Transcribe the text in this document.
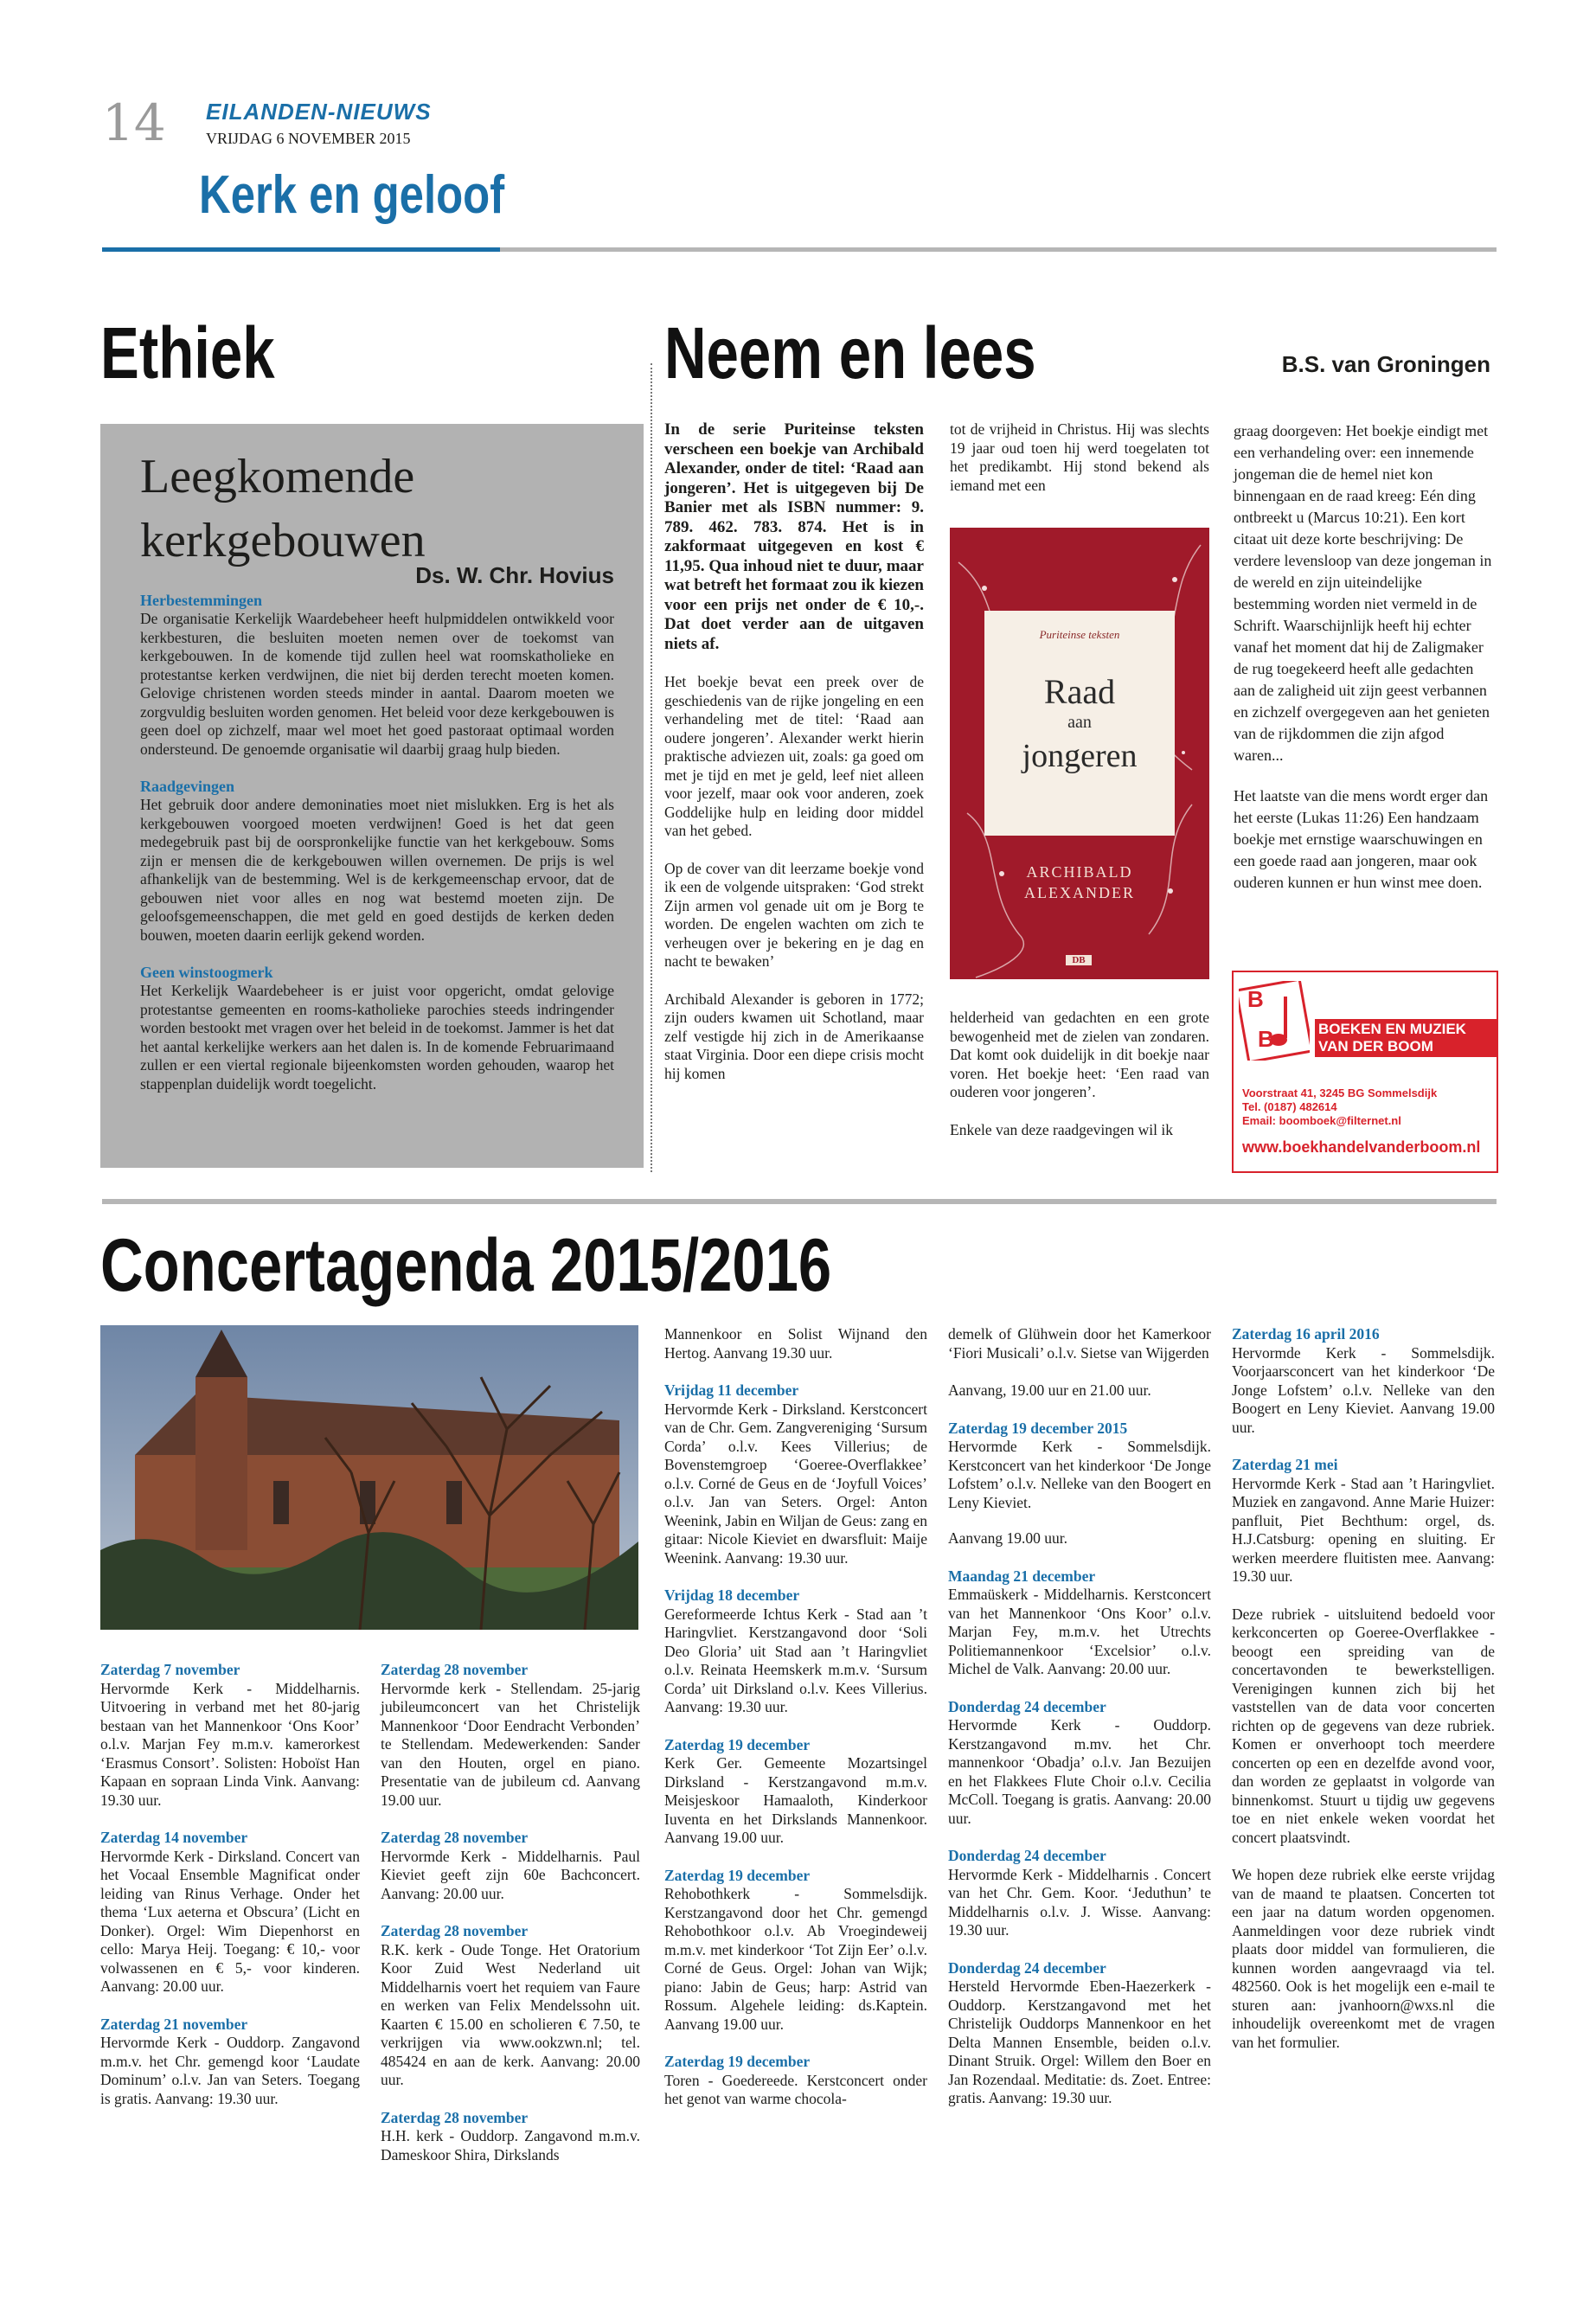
14 EILANDEN-NIEUWS
VRIJDAG 6 NOVEMBER 2015
Kerk en geloof
Ethiek
Leegkomende
kerkgebouwen
Ds. W. Chr. Hovius
Herbestemmingen

De organisatie Kerkelijk Waardebeheer heeft hulpmiddelen ontwikkeld voor kerkbesturen, die besluiten moeten nemen over de toekomst van kerkgebouwen. In de komende tijd zullen heel wat roomskatholieke en protestantse kerken verdwijnen, die niet bij derden terecht moeten komen. Gelovige christenen worden steeds minder in aantal. Daarom moeten we zorgvuldig besluiten worden genomen. Het beleid voor deze kerkgebouwen is geen doel op zichzelf, maar wel moet het goed pastoraat optimaal worden ondersteund. De genoemde organisatie wil daarbij graag hulp bieden.

Raadgevingen

Het gebruik door andere demoninaties moet niet mislukken. Erg is het als kerkgebouwen voorgoed moeten verdwijnen! Goed is het dat geen medegebruik past bij de oorspronkelijke functie van het kerkgebouw. Soms zijn er mensen die de kerkgebouwen willen overnemen. De prijs is wel afhankelijk van de bestemming. Wel is de kerkgemeenschap ervoor, dat de gebouwen niet voor alles en nog wat bestemd moeten zijn. De geloofsgemeenschappen, die met geld en goed destijds de kerken deden bouwen, moeten daarin eerlijk gekend worden.

Geen winstoogmerk

Het Kerkelijk Waardebeheer is er juist voor opgericht, omdat gelovige protestantse gemeenten en rooms-katholieke parochies steeds indringender worden bestookt met vragen over het beleid in de toekomst. Jammer is het dat het aantal kerkelijke werkers aan het dalen is. In de komende Februarimaand zullen er een viertal regionale bijeenkomsten worden gehouden, waarop het stappenplan duidelijk wordt toegelicht.

Neem en lees	B.S. van Groningen

In de serie Puriteinse teksten verscheen een boekje van Archibald Alexander, onder de titel: ‘Raad aan jongeren’. Het is uitgegeven bij De Banier met als ISBN nummer: 9. 789. 462. 783. 874. Het is in zakformaat uitgegeven en kost € 11,95. Qua inhoud niet te duur, maar wat betreft het formaat zou ik kiezen voor een prijs net onder de € 10,-. Dat doet verder aan de uitgaven niets af.

Het boekje bevat een preek over de geschiedenis van de rijke jongeling en een verhandeling met de titel: ‘Raad aan oudere jongeren’. Alexander werkt hierin praktische adviezen uit, zoals: ga goed om met je tijd en met je geld, leef niet alleen voor jezelf, maar ook voor anderen, zoek Goddelijke hulp en leiding door middel van het gebed.

Op de cover van dit leerzame boekje vond ik een de volgende uitspraken: ‘God strekt Zijn armen vol genade uit om je Borg te worden. De engelen wachten om zich te verheugen over je bekering en je dag en nacht te bewaken’

Archibald Alexander is geboren in 1772; zijn ouders kwamen uit Schotland, maar zelf vestigde hij zich in de Amerikaanse staat Virginia. Door een diepe crisis mocht hij komen

tot de vrijheid in Christus. Hij was slechts 19 jaar oud toen hij werd toegelaten tot het predikambt. Hij stond bekend als iemand met een

Puriteinse teksten
Raad
aan
jongeren
ARCHIBALD
ALEXANDER
DB

helderheid van gedachten en een grote bewogenheid met de zielen van zondaren. Dat komt ook duidelijk in dit boekje naar voren. Het boekje heet: ‘Een raad van ouderen voor jongeren’.

Enkele van deze raadgevingen wil ik

graag doorgeven: Het boekje eindigt met een verhandeling over: een innemende jongeman die de hemel niet kon binnengaan en de raad kreeg: Eén ding ontbreekt u (Marcus 10:21). Een kort citaat uit deze korte beschrijving: De verdere levensloop van deze jongeman in de wereld en zijn uiteindelijke bestemming worden niet vermeld in de Schrift. Waarschijnlijk heeft hij echter vanaf het moment dat hij de Zaligmaker de rug toegekeerd heeft alle gedachten aan de zaligheid uit zijn geest verbannen en zichzelf overgegeven aan het genieten van de rijkdommen die zijn afgod waren...

Het laatste van die mens wordt erger dan het eerste (Lukas 11:26) Een handzaam boekje met ernstige waarschuwingen en een goede raad aan jongeren, maar ook ouderen kunnen er hun winst mee doen.

B
B	BOEKEN EN MUZIEK
VAN DER BOOM
Voorstraat 41, 3245 BG Sommelsdijk
Tel. (0187) 482614
Email: boomboek@filternet.nl
www.boekhandelvanderboom.nl
Concertagenda 2015/2016
Zaterdag 7 november

Hervormde Kerk - Middelharnis. Uitvoering in verband met het 80-jarig bestaan van het Mannenkoor ‘Ons Koor’ o.l.v. Marjan Fey m.m.v. kamerorkest ‘Erasmus Consort’. Solisten: Hoboïst Han Kapaan en sopraan Linda Vink. Aanvang: 19.30 uur.

Zaterdag 14 november

Hervormde Kerk - Dirksland. Concert van het Vocaal Ensemble Magnificat onder leiding van Rinus Verhage. Onder het thema ‘Lux aeterna et Obscura’ (Licht en Donker). Orgel: Wim Diepenhorst en cello: Marya Heij. Toegang: € 10,- voor volwassenen en € 5,- voor kinderen. Aanvang: 20.00 uur.

Zaterdag 21 november

Hervormde Kerk - Ouddorp. Zangavond m.m.v. het Chr. gemengd koor ‘Laudate Dominum’ o.l.v. Jan van Seters. Toegang is gratis. Aanvang: 19.30 uur.

Zaterdag 28 november

Hervormde kerk - Stellendam. 25-jarig jubileumconcert van het Christelijk Mannenkoor ‘Door Eendracht Verbonden’ te Stellendam. Medewerkenden: Sander van den Houten, orgel en piano. Presentatie van de jubileum cd. Aanvang 19.00 uur.

Zaterdag 28 november

Hervormde Kerk - Middelharnis. Paul Kieviet geeft zijn 60e Bachconcert. Aanvang: 20.00 uur.

Zaterdag 28 november

R.K. kerk - Oude Tonge. Het Oratorium Koor Zuid West Nederland uit Middelharnis voert het requiem van Faure en werken van Felix Mendelssohn uit. Kaarten € 15.00 en scholieren € 7.50, te verkrijgen via www.ookzwn.nl; tel. 485424 en aan de kerk. Aanvang: 20.00 uur.

Zaterdag 28 november

H.H. kerk - Ouddorp. Zangavond m.m.v. Dameskoor Shira, Dirkslands

Mannenkoor en Solist Wijnand den Hertog. Aanvang 19.30 uur.

Vrijdag 11 december

Hervormde Kerk - Dirksland. Kerstconcert van de Chr. Gem. Zangvereniging ‘Sursum Corda’ o.l.v. Kees Villerius; de Bovenstemgroep ‘Goeree-Overflakkee’ o.l.v. Corné de Geus en de ‘Joyfull Voices’ o.l.v. Jan van Seters. Orgel: Anton Weenink, Jabin en Wiljan de Geus: zang en gitaar: Nicole Kieviet en dwarsfluit: Maije Weenink. Aanvang: 19.30 uur.

Vrijdag 18 december

Gereformeerde Ichtus Kerk - Stad aan ’t Haringvliet. Kerstzangavond door ‘Soli Deo Gloria’ uit Stad aan ’t Haringvliet o.l.v. Reinata Heemskerk m.m.v. ‘Sursum Corda’ uit Dirksland o.l.v. Kees Villerius. Aanvang: 19.30 uur.

Zaterdag 19 december

Kerk Ger. Gemeente Mozartsingel Dirksland - Kerstzangavond m.m.v. Meisjeskoor Hamaaloth, Kinderkoor Iuventa en het Dirkslands Mannenkoor. Aanvang 19.00 uur.

Zaterdag 19 december

Rehobothkerk - Sommelsdijk. Kerstzangavond door het Chr. gemengd Rehobothkoor o.l.v. Ab Vroegindeweij m.m.v. met kinderkoor ‘Tot Zijn Eer’ o.l.v. Corné de Geus. Orgel: Johan van Wijk; piano: Jabin de Geus; harp: Astrid van Rossum. Algehele leiding: ds.Kaptein. Aanvang 19.00 uur.

Zaterdag 19 december

Toren - Goedereede. Kerstconcert onder het genot van warme chocola-

demelk of Glühwein door het Kamerkoor ‘Fiori Musicali’ o.l.v. Sietse van Wijgerden

Aanvang, 19.00 uur en 21.00 uur.

Zaterdag 19 december 2015

Hervormde Kerk - Sommelsdijk. Kerstconcert van het kinderkoor ‘De Jonge Lofstem’ o.l.v. Nelleke van den Boogert en Leny Kieviet.

Aanvang 19.00 uur.

Maandag 21 december

Emmaüskerk - Middelharnis. Kerstconcert van het Mannenkoor ‘Ons Koor’ o.l.v. Marjan Fey, m.m.v. het Utrechts Politiemannenkoor ‘Excelsior’ o.l.v. Michel de Valk. Aanvang: 20.00 uur.

Donderdag 24 december

Hervormde Kerk - Ouddorp. Kerstzangavond m.mv. het Chr. mannenkoor ‘Obadja’ o.l.v. Jan Bezuijen en het Flakkees Flute Choir o.l.v. Cecilia McColl. Toegang is gratis. Aanvang: 20.00 uur.

Donderdag 24 december

Hervormde Kerk - Middelharnis . Concert van het Chr. Gem. Koor. ‘Jeduthun’ te Middelharnis o.l.v. J. Wisse. Aanvang: 19.30 uur.

Donderdag 24 december

Hersteld Hervormde Eben-Haezerkerk - Ouddorp. Kerstzangavond met het Christelijk Ouddorps Mannenkoor en het Delta Mannen Ensemble, beiden o.l.v. Dinant Struik. Orgel: Willem den Boer en Jan Rozendaal. Meditatie: ds. Zoet. Entree: gratis. Aanvang: 19.30 uur.

Zaterdag 16 april 2016

Hervormde Kerk - Sommelsdijk. Voorjaarsconcert van het kinderkoor ‘De Jonge Lofstem’ o.l.v. Nelleke van den Boogert en Leny Kieviet. Aanvang 19.00 uur.

Zaterdag 21 mei

Hervormde Kerk - Stad aan ’t Haringvliet. Muziek en zangavond. Anne Marie Huizer: panfluit, Piet Bechthum: orgel, ds. H.J.Catsburg: opening en sluiting. Er werken meerdere fluitisten mee. Aanvang: 19.30 uur.

Deze rubriek - uitsluitend bedoeld voor kerkconcerten op Goeree-Overflakkee - beoogt een spreiding van de concertavonden te bewerkstelligen. Verenigingen kunnen zich bij het vaststellen van de data voor concerten richten op de gegevens van deze rubriek. Komen er onverhoopt toch meerdere concerten op een en dezelfde avond voor, dan worden ze geplaatst in volgorde van binnenkomst. Stuurt u tijdig uw gegevens toe en niet enkele weken voordat het concert plaatsvindt.

We hopen deze rubriek elke eerste vrijdag van de maand te plaatsen. Concerten tot een jaar na datum worden opgenomen. Aanmeldingen voor deze rubriek vindt plaats door middel van formulieren, die kunnen worden aangevraagd via tel. 482560. Ook is het mogelijk een e-mail te sturen aan: jvanhoorn@wxs.nl die inhoudelijk overeenkomt met de vragen van het formulier.
